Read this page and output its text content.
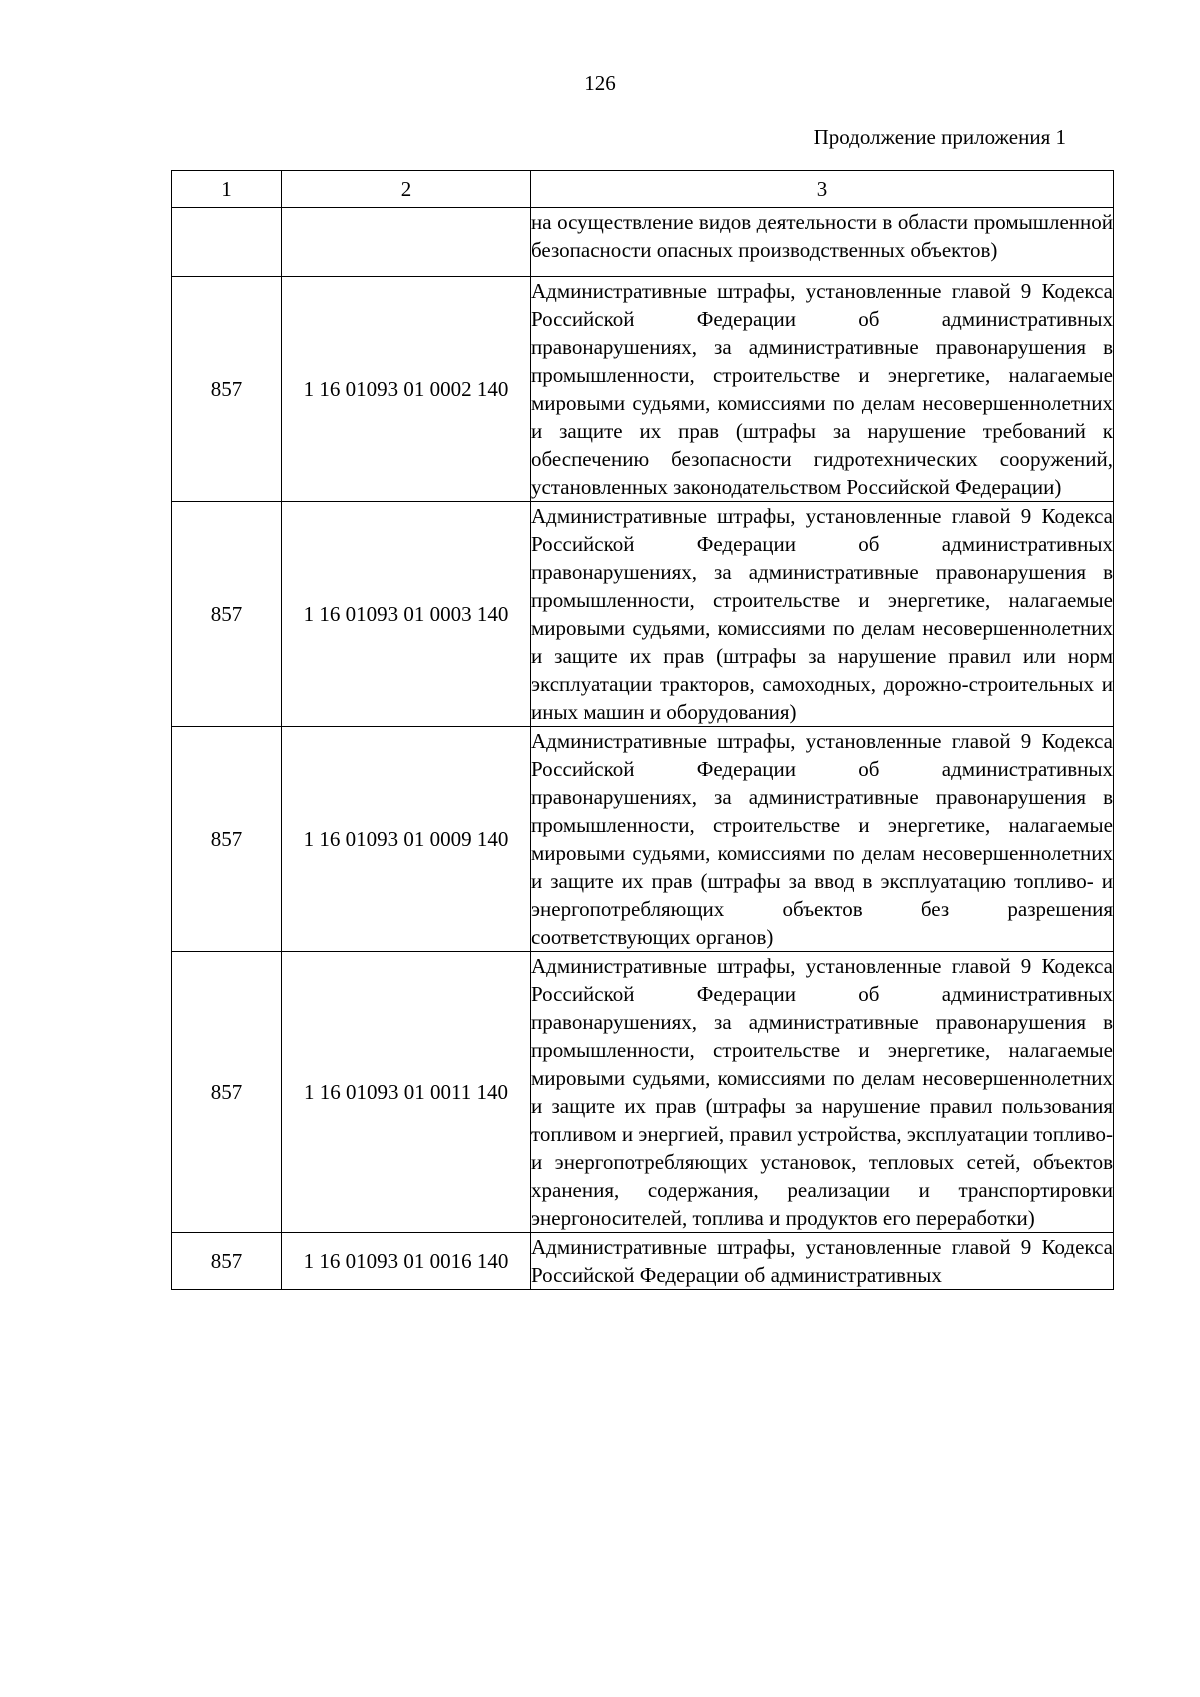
126
Продолжение приложения 1
1	2	3

		на осуществление видов деятельности в области промышленной безопасности опасных производственных объектов)

857	1 16 01093 01 0002 140	Административные штрафы, установленные главой 9 Кодекса Российской Федерации об административных правонарушениях, за административные правонарушения в промышленности, строительстве и энергетике, налагаемые мировыми судьями, комиссиями по делам несовершеннолетних и защите их прав (штрафы за нарушение требований к обеспечению безопасности гидротехнических сооружений, установленных законодательством Российской Федерации)

857	1 16 01093 01 0003 140	Административные штрафы, установленные главой 9 Кодекса Российской Федерации об административных правонарушениях, за административные правонарушения в промышленности, строительстве и энергетике, налагаемые мировыми судьями, комиссиями по делам несовершеннолетних и защите их прав (штрафы за нарушение правил или норм эксплуатации тракторов, самоходных, дорожно-строительных и иных машин и оборудования)

857	1 16 01093 01 0009 140	Административные штрафы, установленные главой 9 Кодекса Российской Федерации об административных правонарушениях, за административные правонарушения в промышленности, строительстве и энергетике, налагаемые мировыми судьями, комиссиями по делам несовершеннолетних и защите их прав (штрафы за ввод в эксплуатацию топливо- и энергопотребляющих объектов без разрешения соответствующих органов)

857	1 16 01093 01 0011 140	Административные штрафы, установленные главой 9 Кодекса Российской Федерации об административных правонарушениях, за административные правонарушения в промышленности, строительстве и энергетике, налагаемые мировыми судьями, комиссиями по делам несовершеннолетних и защите их прав (штрафы за нарушение правил пользования топливом и энергией, правил устройства, эксплуатации топливо- и энергопотребляющих установок, тепловых сетей, объектов хранения, содержания, реализации и транспортировки энергоносителей, топлива и продуктов его переработки)

857	1 16 01093 01 0016 140	Административные штрафы, установленные главой 9 Кодекса Российской Федерации об административных
